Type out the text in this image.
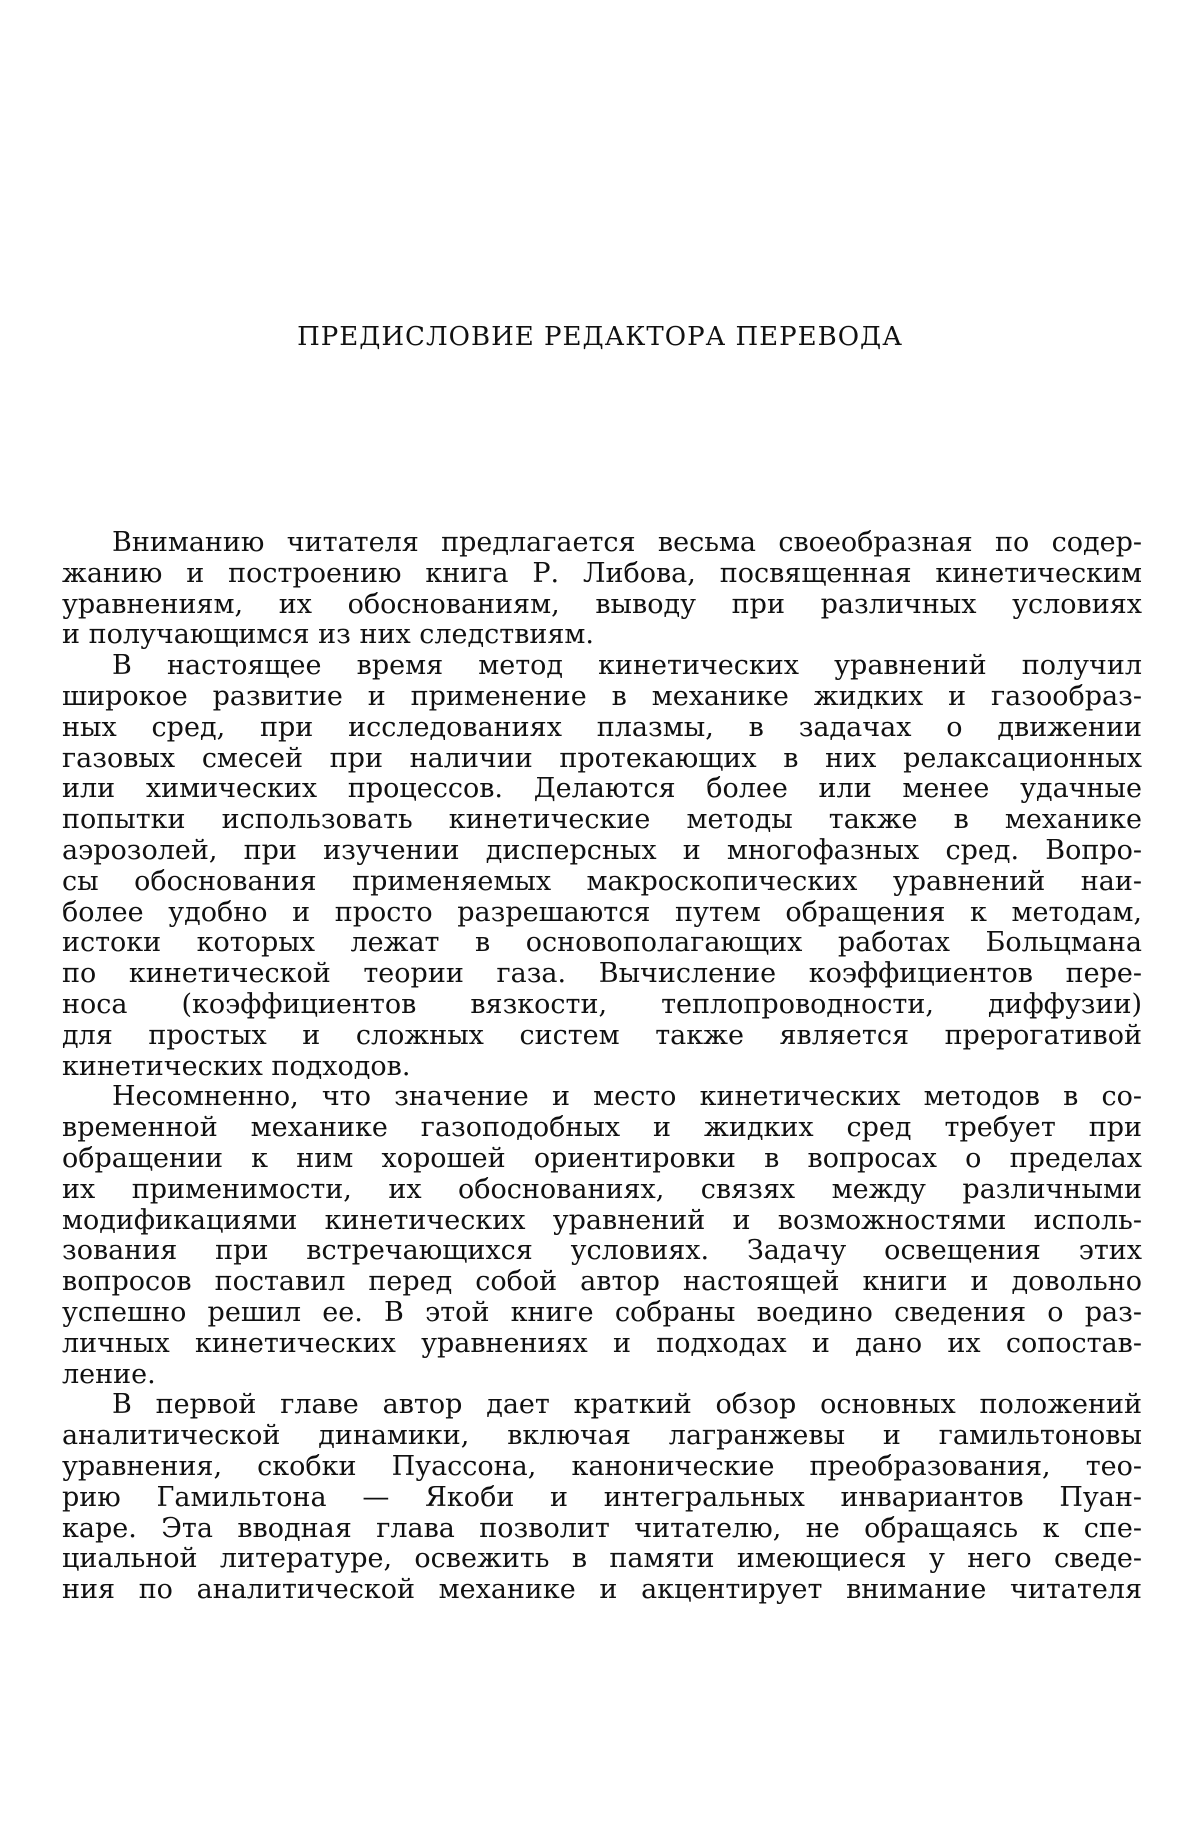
ПРЕДИСЛОВИЕ РЕДАКТОРА ПЕРЕВОДА
Вниманию читателя предлагается весьма своеобразная по содер-
жанию и построению книга Р. Либова, посвященная кинетическим
уравнениям, их обоснованиям, выводу при различных условиях
и получающимся из них следствиям.
В настоящее время метод кинетических уравнений получил
широкое развитие и применение в механике жидких и газообраз-
ных сред, при исследованиях плазмы, в задачах о движении
газовых смесей при наличии протекающих в них релаксационных
или химических процессов. Делаются более или менее удачные
попытки использовать кинетические методы также в механике
аэрозолей, при изучении дисперсных и многофазных сред. Вопро-
сы обоснования применяемых макроскопических уравнений наи-
более удобно и просто разрешаются путем обращения к методам,
истоки которых лежат в основополагающих работах Больцмана
по кинетической теории газа. Вычисление коэффициентов пере-
носа (коэффициентов вязкости, теплопроводности, диффузии)
для простых и сложных систем также является прерогативой
кинетических подходов.
Несомненно, что значение и место кинетических методов в со-
временной механике газоподобных и жидких сред требует при
обращении к ним хорошей ориентировки в вопросах о пределах
их применимости, их обоснованиях, связях между различными
модификациями кинетических уравнений и возможностями исполь-
зования при встречающихся условиях. Задачу освещения этих
вопросов поставил перед собой автор настоящей книги и довольно
успешно решил ее. В этой книге собраны воедино сведения о раз-
личных кинетических уравнениях и подходах и дано их сопостав-
ление.
В первой главе автор дает краткий обзор основных положений
аналитической динамики, включая лагранжевы и гамильтоновы
уравнения, скобки Пуассона, канонические преобразования, тео-
рию Гамильтона — Якоби и интегральных инвариантов Пуан-
каре. Эта вводная глава позволит читателю, не обращаясь к спе-
циальной литературе, освежить в памяти имеющиеся у него сведе-
ния по аналитической механике и акцентирует внимание читателя
